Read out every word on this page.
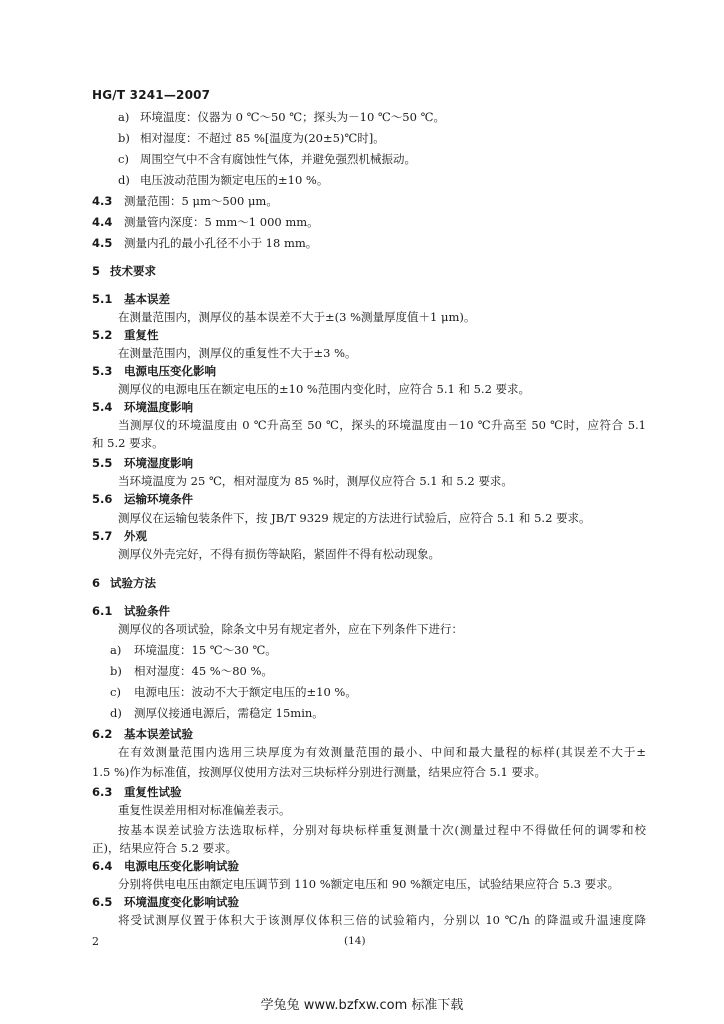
HG/T 3241—2007
a) 环境温度：仪器为 0 ℃～50 ℃；探头为－10 ℃～50 ℃。
b) 相对湿度：不超过 85 %[温度为(20±5)℃时]。
c) 周围空气中不含有腐蚀性气体，并避免强烈机械振动。
d) 电压波动范围为额定电压的±10 %。
4.3 测量范围：5 μm～500 μm。
4.4 测量管内深度：5 mm～1 000 mm。
4.5 测量内孔的最小孔径不小于 18 mm。
5 技术要求
5.1 基本误差
在测量范围内，测厚仪的基本误差不大于±(3 %测量厚度值＋1 μm)。
5.2 重复性
在测量范围内，测厚仪的重复性不大于±3 %。
5.3 电源电压变化影响
测厚仪的电源电压在额定电压的±10 %范围内变化时，应符合 5.1 和 5.2 要求。
5.4 环境温度影响
当测厚仪的环境温度由 0 ℃升高至 50 ℃，探头的环境温度由－10 ℃升高至 50 ℃时，应符合 5.1
和 5.2 要求。
5.5 环境湿度影响
当环境温度为 25 ℃，相对湿度为 85 %时，测厚仪应符合 5.1 和 5.2 要求。
5.6 运输环境条件
测厚仪在运输包装条件下，按 JB/T 9329 规定的方法进行试验后，应符合 5.1 和 5.2 要求。
5.7 外观
测厚仪外壳完好，不得有损伤等缺陷，紧固件不得有松动现象。
6 试验方法
6.1 试验条件
测厚仪的各项试验，除条文中另有规定者外，应在下列条件下进行：
a) 环境温度：15 ℃～30 ℃。
b) 相对湿度：45 %～80 %。
c) 电源电压：波动不大于额定电压的±10 %。
d) 测厚仪接通电源后，需稳定 15min。
6.2 基本误差试验
在有效测量范围内选用三块厚度为有效测量范围的最小、中间和最大量程的标样(其误差不大于±
1.5 %)作为标准值，按测厚仪使用方法对三块标样分别进行测量，结果应符合 5.1 要求。
6.3 重复性试验
重复性误差用相对标准偏差表示。
按基本误差试验方法选取标样，分别对每块标样重复测量十次(测量过程中不得做任何的调零和校
正)，结果应符合 5.2 要求。
6.4 电源电压变化影响试验
分别将供电电压由额定电压调节到 110 %额定电压和 90 %额定电压，试验结果应符合 5.3 要求。
6.5 环境温度变化影响试验
将受试测厚仪置于体积大于该测厚仪体积三倍的试验箱内，分别以 10 ℃/h 的降温或升温速度降
2	(14)
学兔兔 www.bzfxw.com 标准下载
